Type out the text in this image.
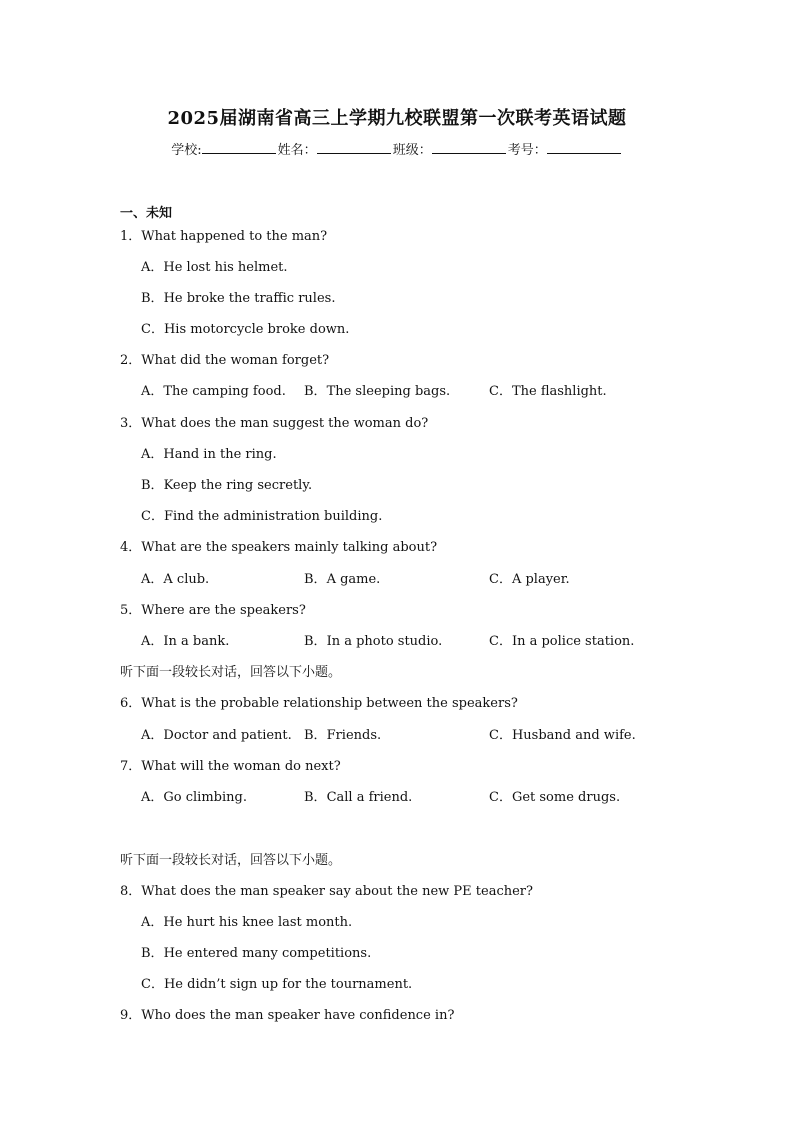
2025届湖南省高三上学期九校联盟第一次联考英语试题
学校:	姓名：	班级：	考号：
一、未知
1．What happened to the man?
A．He lost his helmet.
B．He broke the traffic rules.
C．His motorcycle broke down.
2．What did the woman forget?
A．The camping food. B．The sleeping bags.	C．The flashlight.
3．What does the man suggest the woman do?
A．Hand in the ring.
B．Keep the ring secretly.
C．Find the administration building.
4．What are the speakers mainly talking about?
A．A club.	B．A game.	C．A player.
5．Where are the speakers?
A．In a bank.	B．In a photo studio.	C．In a police station.
听下面一段较长对话，回答以下小题。
6．What is the probable relationship between the speakers?
A．Doctor and patient. B．Friends.	C．Husband and wife.
7．What will the woman do next?
A．Go climbing.	B．Call a friend.	C．Get some drugs.
听下面一段较长对话，回答以下小题。
8．What does the man speaker say about the new PE teacher?
A．He hurt his knee last month.
B．He entered many competitions.
C．He didn’t sign up for the tournament.
9．Who does the man speaker have confidence in?
